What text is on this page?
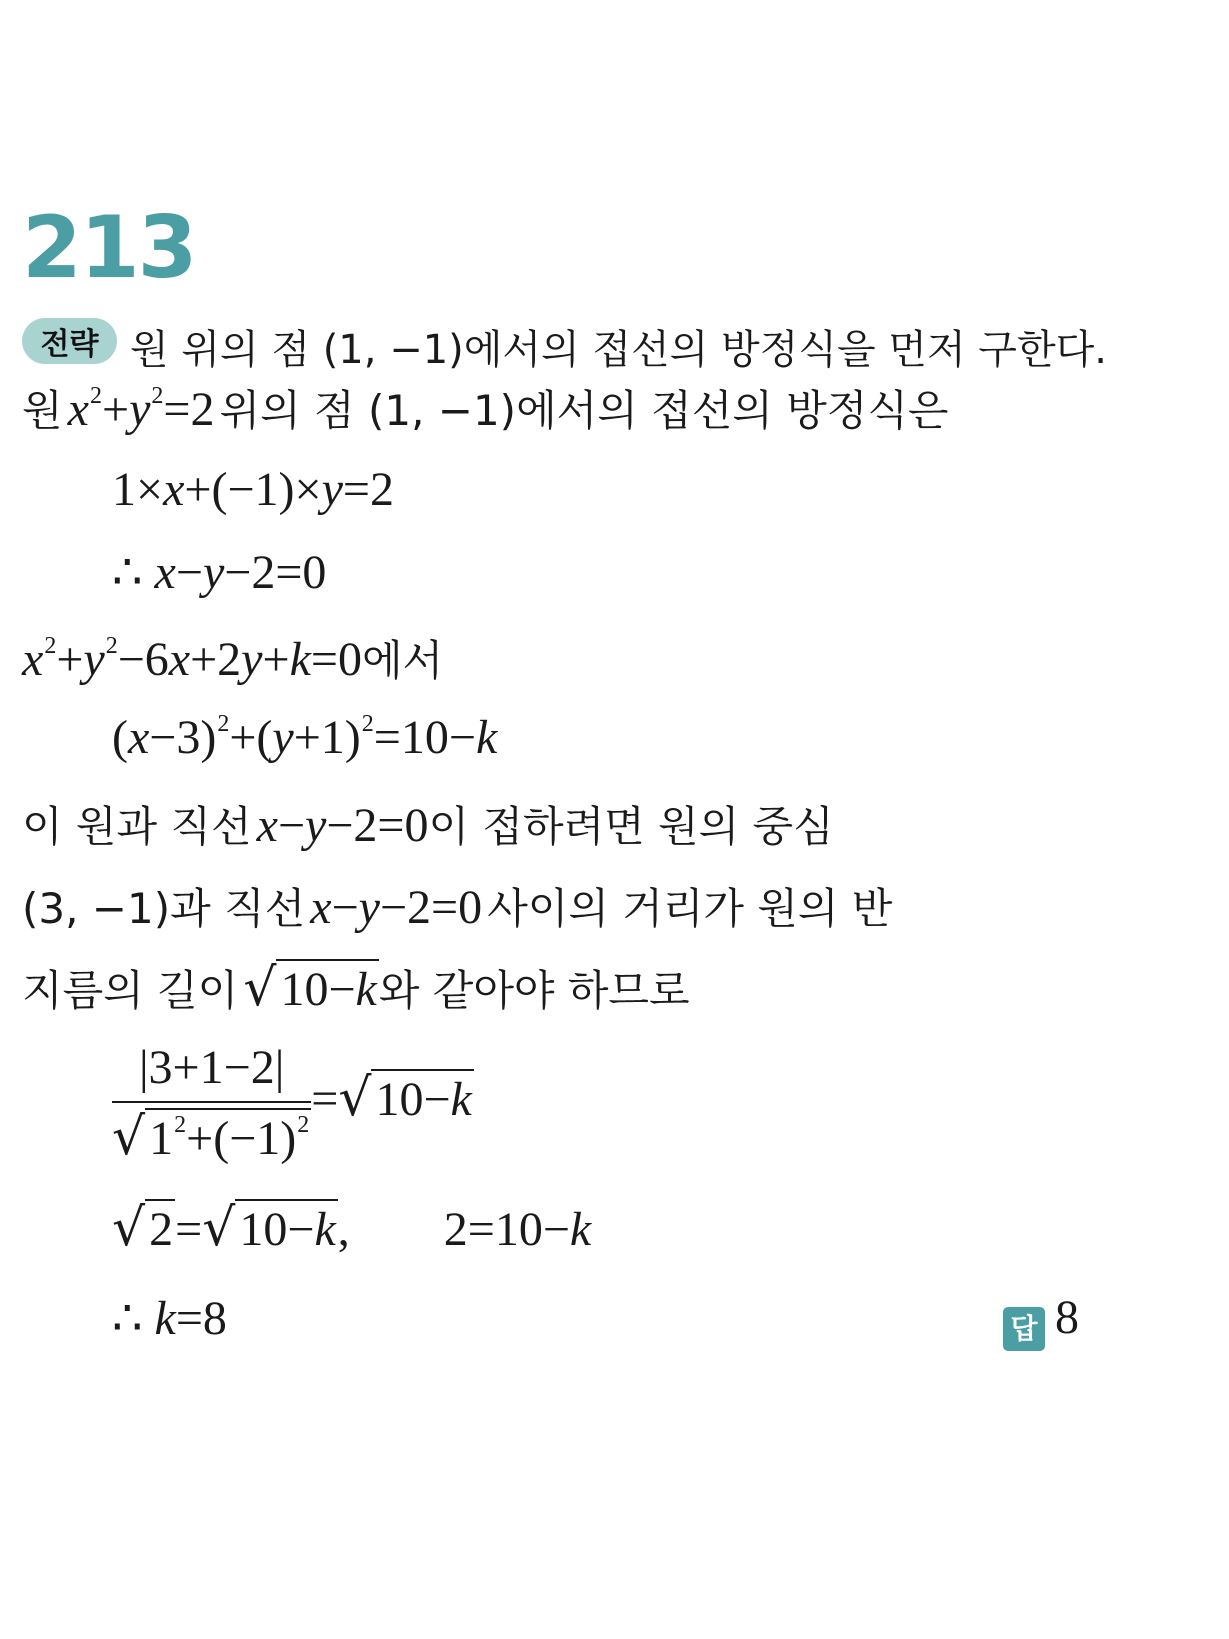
213
전략 원 위의 점 (1, −1)에서의 접선의 방정식을 먼저 구한다.
원 $x^2+y^2=2$ 위의 점 (1, −1)에서의 접선의 방정식은
1×x+(−1)×y=2
∴ x−y−2=0
$x^2+y^2-6x+2y+k=0$에서
$(x-3)^2+(y+1)^2=10-k$
이 원과 직선 x−y−2=0이 접하려면 원의 중심
(3, −1)과 직선 x−y−2=0 사이의 거리가 원의 반
지름의 길이 √10−k와 같아야 하므로
$\frac{|3+1-2|}{√1^2+(-1)^2} =√10-k$
√2=√10−k, 2=10−k
∴ k=8	답 8
